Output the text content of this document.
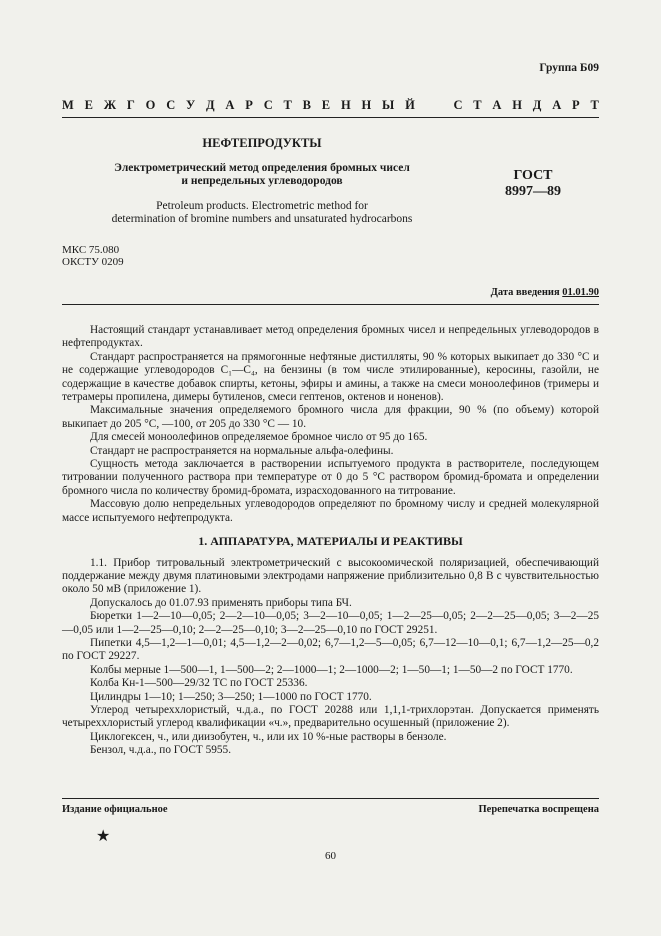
Группа Б09
М Е Ж Г О С У Д А Р С Т В Е Н Н Ы Й

	С Т А Н Д А Р Т
НЕФТЕПРОДУКТЫ
Электрометрический метод определения бромных чисел
и непредельных углеводородов
Petroleum products. Electrometric method for
determination of bromine numbers and unsaturated hydrocarbons
ГОСТ
8997—89
МКС 75.080
ОКСТУ 0209
Дата введения 01.01.90

Настоящий стандарт устанавливает метод определения бромных чисел и непредельных углеводородов в нефтепродуктах.

Стандарт распространяется на прямогонные нефтяные дистилляты, 90 % которых выкипает до 330 °С и не содержащие углеводородов С₁—С₄, на бензины (в том числе этилированные), керосины, газойли, не содержащие в качестве добавок спирты, кетоны, эфиры и амины, а также на смеси моноолефинов (тримеры и тетрамеры пропилена, димеры бутиленов, смеси гептенов, октенов и ноненов).

Максимальные значения определяемого бромного числа для фракции, 90 % (по объему) которой выкипает до 205 °С, —100, от 205 до 330 °С — 10.

Для смесей моноолефинов определяемое бромное число от 95 до 165.

Стандарт не распространяется на нормальные альфа-олефины.

Сущность метода заключается в растворении испытуемого продукта в растворителе, последующем титровании полученного раствора при температуре от 0 до 5 °С раствором бромид-бромата и определении бромного числа по количеству бромид-бромата, израсходованного на титрование.

Массовую долю непредельных углеводородов определяют по бромному числу и средней молекулярной массе испытуемого нефтепродукта.

1. АППАРАТУРА, МАТЕРИАЛЫ И РЕАКТИВЫ

1.1. Прибор титровальный электрометрический с высокоомической поляризацией, обеспечивающий поддержание между двумя платиновыми электродами напряжение приблизительно 0,8 В с чувствительностью около 50 мВ (приложение 1).

Допускалось до 01.07.93 применять приборы типа БЧ.

Бюретки 1—2—10—0,05; 2—2—10—0,05; 3—2—10—0,05; 1—2—25—0,05; 2—2—25—0,05; 3—2—25—0,05 или 1—2—25—0,10; 2—2—25—0,10; 3—2—25—0,10 по ГОСТ 29251.

Пипетки 4,5—1,2—1—0,01; 4,5—1,2—2—0,02; 6,7—1,2—5—0,05; 6,7—12—10—0,1; 6,7—1,2—25—0,2 по ГОСТ 29227.

Колбы мерные 1—500—1, 1—500—2; 2—1000—1; 2—1000—2; 1—50—1; 1—50—2 по ГОСТ 1770.

Колба Кн-1—500—29/32 ТС по ГОСТ 25336.

Цилиндры 1—10; 1—250; 3—250; 1—1000 по ГОСТ 1770.

Углерод четыреххлористый, ч.д.а., по ГОСТ 20288 или 1,1,1-трихлорэтан. Допускается применять четыреххлористый углерод квалификации «ч.», предварительно осушенный (приложение 2).

Циклогексен, ч., или диизобутен, ч., или их 10 %-ные растворы в бензоле.

Бензол, ч.д.а., по ГОСТ 5955.

Издание официальное	Перепечатка воспрещена
★
60
